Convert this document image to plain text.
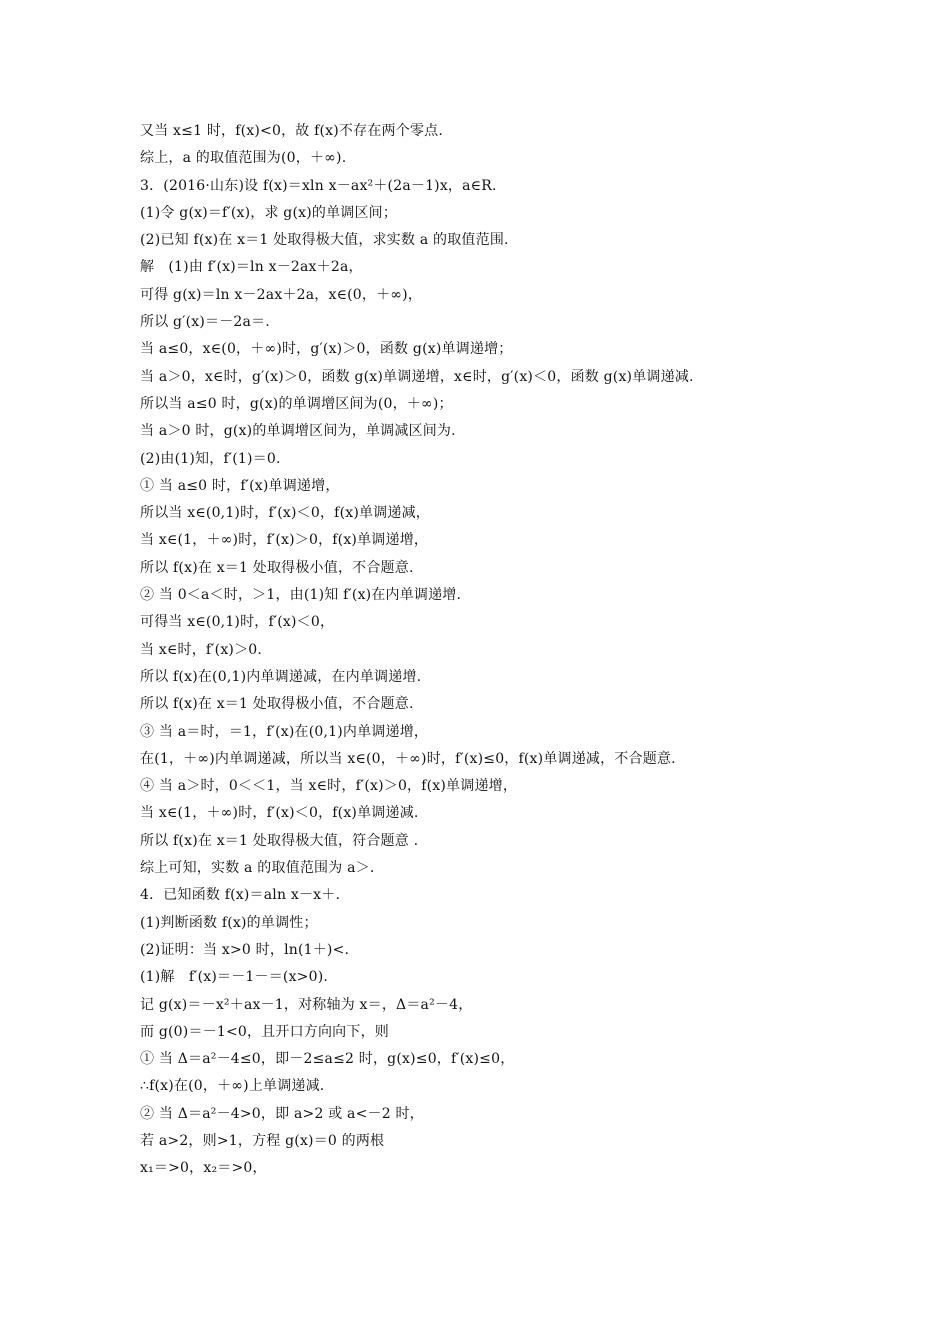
又当 x≤1 时，f(x)<0，故 f(x)不存在两个零点.
综上，a 的取值范围为(0，＋∞).
3．(2016·山东)设 f(x)＝xln x－ax²＋(2a－1)x，a∈R.
(1)令 g(x)＝f′(x)，求 g(x)的单调区间；
(2)已知 f(x)在 x＝1 处取得极大值，求实数 a 的取值范围.
解　(1)由 f′(x)＝ln x－2ax＋2a，
可得 g(x)＝ln x－2ax＋2a，x∈(0，＋∞)，
所以 g′(x)＝－2a＝.
当 a≤0，x∈(0，＋∞)时，g′(x)＞0，函数 g(x)单调递增；
当 a＞0，x∈时，g′(x)＞0，函数 g(x)单调递增，x∈时，g′(x)＜0，函数 g(x)单调递减.
所以当 a≤0 时，g(x)的单调增区间为(0，＋∞)；
当 a＞0 时，g(x)的单调增区间为，单调减区间为.
(2)由(1)知，f′(1)＝0.
① 当 a≤0 时，f′(x)单调递增，
所以当 x∈(0,1)时，f′(x)＜0，f(x)单调递减，
当 x∈(1，＋∞)时，f′(x)＞0，f(x)单调递增，
所以 f(x)在 x＝1 处取得极小值，不合题意.
② 当 0＜a＜时，＞1，由(1)知 f′(x)在内单调递增.
可得当 x∈(0,1)时，f′(x)＜0，
当 x∈时，f′(x)＞0.
所以 f(x)在(0,1)内单调递减，在内单调递增.
所以 f(x)在 x＝1 处取得极小值，不合题意.
③ 当 a＝时，＝1，f′(x)在(0,1)内单调递增，
在(1，＋∞)内单调递减，所以当 x∈(0，＋∞)时，f′(x)≤0，f(x)单调递减，不合题意.
④ 当 a＞时，0＜＜1，当 x∈时，f′(x)＞0，f(x)单调递增，
当 x∈(1，＋∞)时，f′(x)＜0，f(x)单调递减.
所以 f(x)在 x＝1 处取得极大值，符合题意 .
综上可知，实数 a 的取值范围为 a＞.
4．已知函数 f(x)＝aln x－x＋.
(1)判断函数 f(x)的单调性；
(2)证明：当 x>0 时，ln(1＋)<.
(1)解　f′(x)＝－1－＝(x>0).
记 g(x)＝－x²＋ax－1，对称轴为 x＝，Δ＝a²－4，
而 g(0)＝－1<0，且开口方向向下，则
① 当 Δ＝a²－4≤0，即－2≤a≤2 时，g(x)≤0，f′(x)≤0，
∴f(x)在(0，＋∞)上单调递减.
② 当 Δ＝a²－4>0，即 a>2 或 a<－2 时，
若 a>2，则>1，方程 g(x)＝0 的两根
x₁＝>0，x₂＝>0，
